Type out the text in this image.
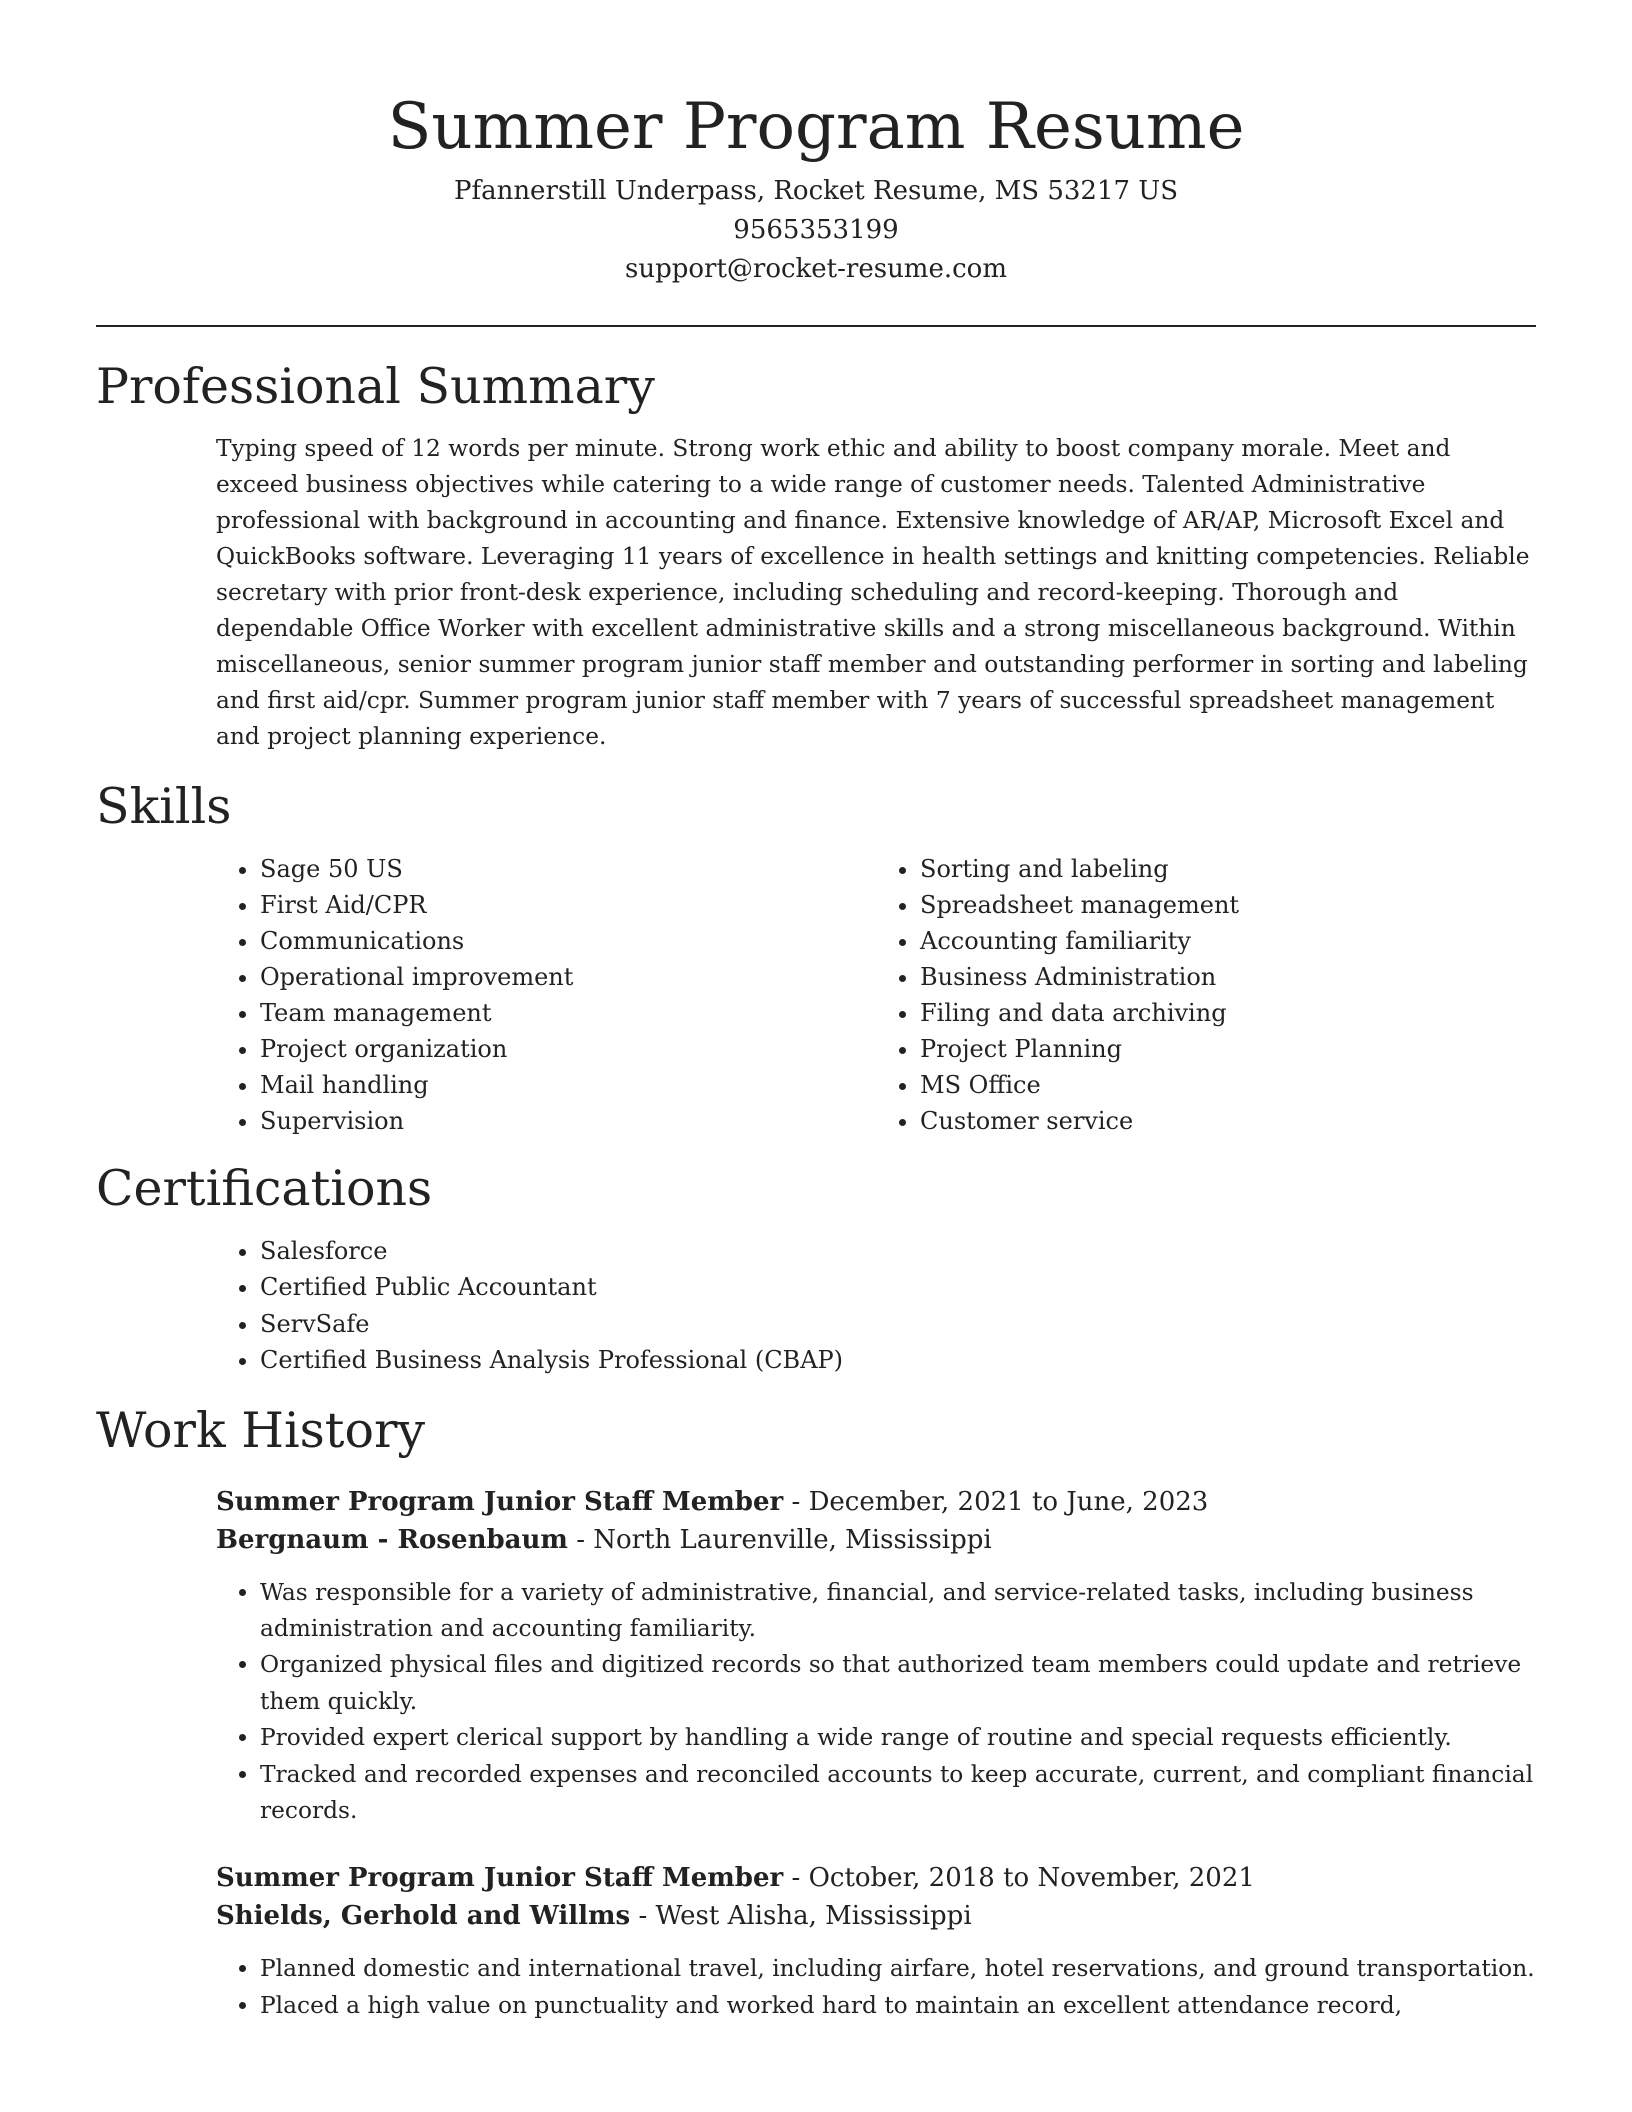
Summer Program Resume

Pfannerstill Underpass, Rocket Resume, MS 53217 US

9565353199

support@rocket-resume.com

Professional Summary

Typing speed of 12 words per minute. Strong work ethic and ability to boost company morale. Meet and exceed business objectives while catering to a wide range of customer needs. Talented Administrative professional with background in accounting and finance. Extensive knowledge of AR/AP, Microsoft Excel and QuickBooks software. Leveraging 11 years of excellence in health settings and knitting competencies. Reliable secretary with prior front-desk experience, including scheduling and record-keeping. Thorough and dependable Office Worker with excellent administrative skills and a strong miscellaneous background. Within miscellaneous, senior summer program junior staff member and outstanding performer in sorting and labeling and first aid/cpr. Summer program junior staff member with 7 years of successful spreadsheet management and project planning experience.

Skills
• Sage 50 US
• First Aid/CPR
• Communications
• Operational improvement
• Team management
• Project organization
• Mail handling
• Supervision
• Sorting and labeling
• Spreadsheet management
• Accounting familiarity
• Business Administration
• Filing and data archiving
• Project Planning
• MS Office
• Customer service
Certifications
• Salesforce
• Certified Public Accountant
• ServSafe
• Certified Business Analysis Professional (CBAP)
Work History

Summer Program Junior Staff Member - December, 2021 to June, 2023

Bergnaum - Rosenbaum - North Laurenville, Mississippi

• Was responsible for a variety of administrative, financial, and service-related tasks, including business administration and accounting familiarity.
• Organized physical files and digitized records so that authorized team members could update and retrieve them quickly.
• Provided expert clerical support by handling a wide range of routine and special requests efficiently.
• Tracked and recorded expenses and reconciled accounts to keep accurate, current, and compliant financial records.

Summer Program Junior Staff Member - October, 2018 to November, 2021

Shields, Gerhold and Willms - West Alisha, Mississippi

• Planned domestic and international travel, including airfare, hotel reservations, and ground transportation.
• Placed a high value on punctuality and worked hard to maintain an excellent attendance record,
